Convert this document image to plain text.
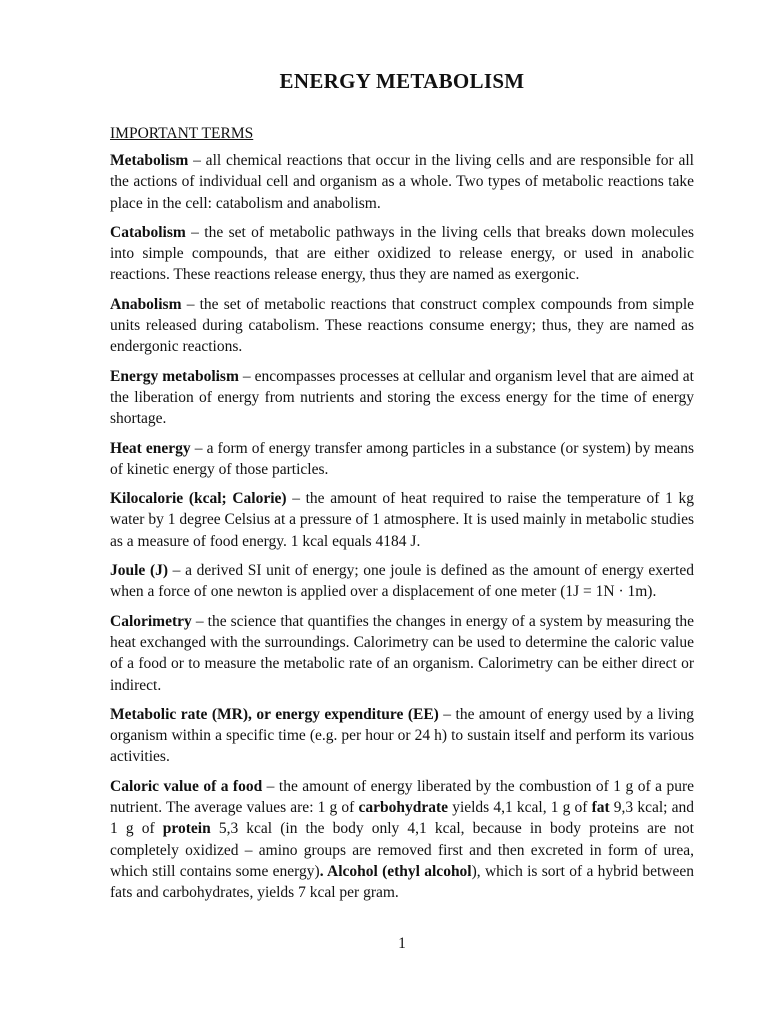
ENERGY METABOLISM
IMPORTANT TERMS

Metabolism – all chemical reactions that occur in the living cells and are responsible for all the actions of individual cell and organism as a whole. Two types of metabolic reactions take place in the cell: catabolism and anabolism.

Catabolism – the set of metabolic pathways in the living cells that breaks down molecules into simple compounds, that are either oxidized to release energy, or used in anabolic reactions. These reactions release energy, thus they are named as exergonic.

Anabolism – the set of metabolic reactions that construct complex compounds from simple units released during catabolism. These reactions consume energy; thus, they are named as endergonic reactions.

Energy metabolism – encompasses processes at cellular and organism level that are aimed at the liberation of energy from nutrients and storing the excess energy for the time of energy shortage.

Heat energy – a form of energy transfer among particles in a substance (or system) by means of kinetic energy of those particles.

Kilocalorie (kcal; Calorie) – the amount of heat required to raise the temperature of 1 kg water by 1 degree Celsius at a pressure of 1 atmosphere. It is used mainly in metabolic studies as a measure of food energy. 1 kcal equals 4184 J.

Joule (J) – a derived SI unit of energy; one joule is defined as the amount of energy exerted when a force of one newton is applied over a displacement of one meter (1J = 1N · 1m).

Calorimetry – the science that quantifies the changes in energy of a system by measuring the heat exchanged with the surroundings. Calorimetry can be used to determine the caloric value of a food or to measure the metabolic rate of an organism. Calorimetry can be either direct or indirect.

Metabolic rate (MR), or energy expenditure (EE) – the amount of energy used by a living organism within a specific time (e.g. per hour or 24 h) to sustain itself and perform its various activities.

Caloric value of a food – the amount of energy liberated by the combustion of 1 g of a pure nutrient. The average values are: 1 g of carbohydrate yields 4,1 kcal, 1 g of fat 9,3 kcal; and 1 g of protein 5,3 kcal (in the body only 4,1 kcal, because in body proteins are not completely oxidized – amino groups are removed first and then excreted in form of urea, which still contains some energy). Alcohol (ethyl alcohol), which is sort of a hybrid between fats and carbohydrates, yields 7 kcal per gram.

1
